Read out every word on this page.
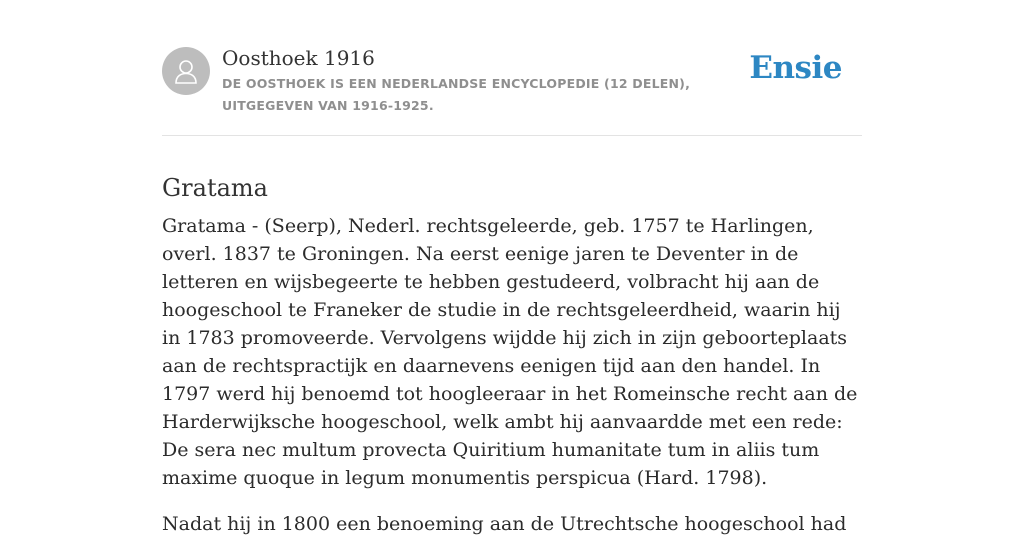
Oosthoek 1916
DE OOSTHOEK IS EEN NEDERLANDSE ENCYCLOPEDIE (12 DELEN), UITGEGEVEN VAN 1916-1925.
Ensie
Gratama

Gratama - (Seerp), Nederl. rechtsgeleerde, geb. 1757 te Harlingen, overl. 1837 te Groningen. Na eerst eenige jaren te Deventer in de letteren en wijsbegeerte te hebben gestudeerd, volbracht hij aan de hoogeschool te Franeker de studie in de rechtsgeleerdheid, waarin hij in 1783 promoveerde. Vervolgens wijdde hij zich in zijn geboorteplaats aan de rechtspractijk en daarnevens eenigen tijd aan den handel. In 1797 werd hij benoemd tot hoogleeraar in het Romeinsche recht aan de Harderwijksche hoogeschool, welk ambt hij aanvaardde met een rede: De sera nec multum provecta Quiritium humanitate tum in aliis tum maxime quoque in legum monumentis perspicua (Hard. 1798).

Nadat hij in 1800 een benoeming aan de Utrechtsche hoogeschool had
